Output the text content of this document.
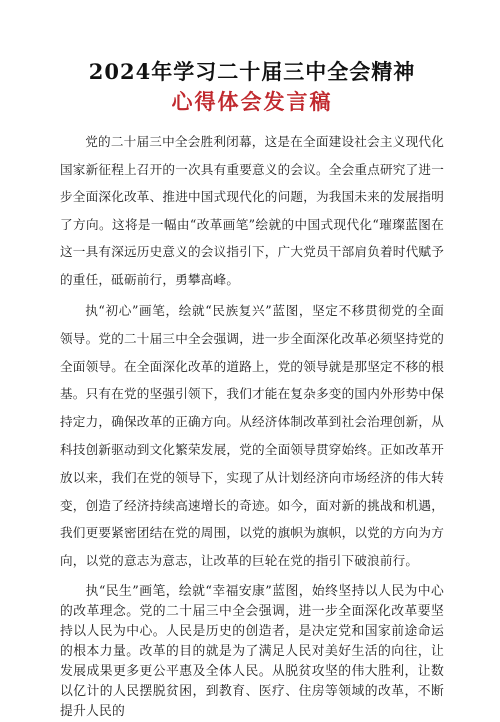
2024年学习二十届三中全会精神
心得体会发言稿

党的二十届三中全会胜利闭幕，这是在全面建设社会主义现代化国家新征程上召开的一次具有重要意义的会议。全会重点研究了进一步全面深化改革、推进中国式现代化的问题，为我国未来的发展指明了方向。这将是一幅由“改革画笔”绘就的中国式现代化“璀璨蓝图在这一具有深远历史意义的会议指引下，广大党员干部肩负着时代赋予的重任，砥砺前行，勇攀高峰。

执“初心”画笔，绘就“民族复兴”蓝图，坚定不移贯彻党的全面领导。党的二十届三中全会强调，进一步全面深化改革必须坚持党的全面领导。在全面深化改革的道路上，党的领导就是那坚定不移的根基。只有在党的坚强引领下，我们才能在复杂多变的国内外形势中保持定力，确保改革的正确方向。从经济体制改革到社会治理创新，从科技创新驱动到文化繁荣发展，党的全面领导贯穿始终。正如改革开放以来，我们在党的领导下，实现了从计划经济向市场经济的伟大转变，创造了经济持续高速增长的奇迹。如今，面对新的挑战和机遇，我们更要紧密团结在党的周围，以党的旗帜为旗帜，以党的方向为方向，以党的意志为意志，让改革的巨轮在党的指引下破浪前行。

执“民生”画笔，绘就“幸福安康”蓝图，始终坚持以人民为中心的改革理念。党的二十届三中全会强调，进一步全面深化改革要坚持以人民为中心。人民是历史的创造者，是决定党和国家前途命运的根本力量。改革的目的就是为了满足人民对美好生活的向往，让发展成果更多更公平惠及全体人民。从脱贫攻坚的伟大胜利，让数以亿计的人民摆脱贫困，到教育、医疗、住房等领域的改革，不断提升人民的
